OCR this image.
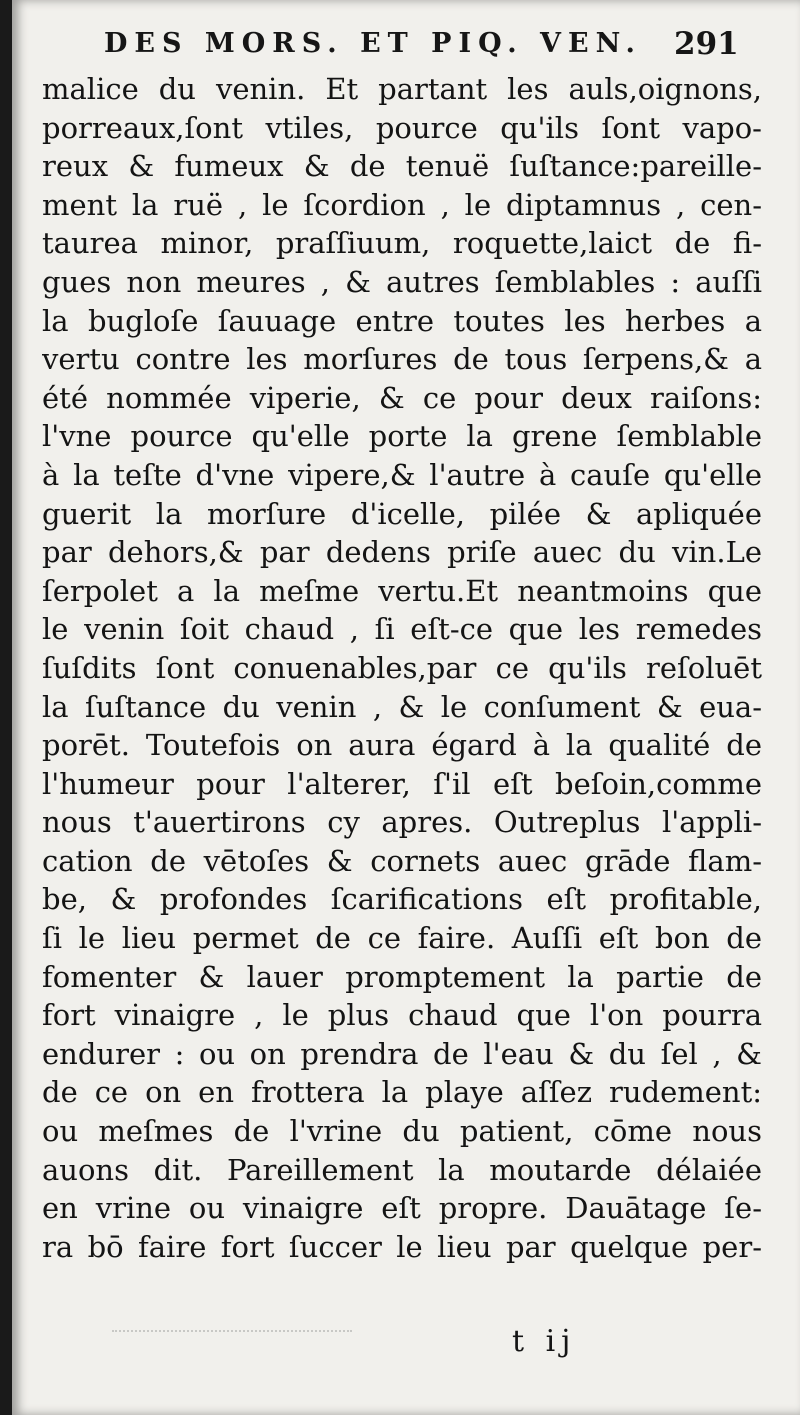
DES MORS. ET PIQ. VEN. 291
malice du venin. Et partant les auls,oignons,
porreaux,ſont vtiles, pource qu'ils ſont vapo-
reux & fumeux & de tenuë ſuſtance:pareille-
ment la ruë , le ſcordion , le diptamnus , cen-
taurea minor, praſſiuum, roquette,laict de fi-
gues non meures , & autres ſemblables : auſſi
la bugloſe ſauuage entre toutes les herbes a
vertu contre les morſures de tous ſerpens,& a
été nommée viperie, & ce pour deux raiſons:
l'vne pource qu'elle porte la grene ſemblable
à la teſte d'vne vipere,& l'autre à cauſe qu'elle
guerit la morſure d'icelle, pilée & apliquée
par dehors,& par dedens priſe auec du vin.Le
ſerpolet a la meſme vertu.Et neantmoins que
le venin ſoit chaud , ſi eſt-ce que les remedes
ſuſdits ſont conuenables,par ce qu'ils reſoluēt
la ſuſtance du venin , & le conſument & eua-
porēt. Toutefois on aura égard à la qualité de
l'humeur pour l'alterer, ſ'il eſt beſoin,comme
nous t'auertirons cy apres. Outreplus l'appli-
cation de vētoſes & cornets auec grāde flam-
be, & profondes ſcarifications eſt profitable,
ſi le lieu permet de ce faire. Auſſi eſt bon de
fomenter & lauer promptement la partie de
fort vinaigre , le plus chaud que l'on pourra
endurer : ou on prendra de l'eau & du ſel , &
de ce on en frottera la playe aſſez rudement:
ou meſmes de l'vrine du patient, cōme nous
auons dit. Pareillement la moutarde délaiée
en vrine ou vinaigre eſt propre. Dauātage ſe-
ra bō faire fort ſuccer le lieu par quelque per-
t ij
